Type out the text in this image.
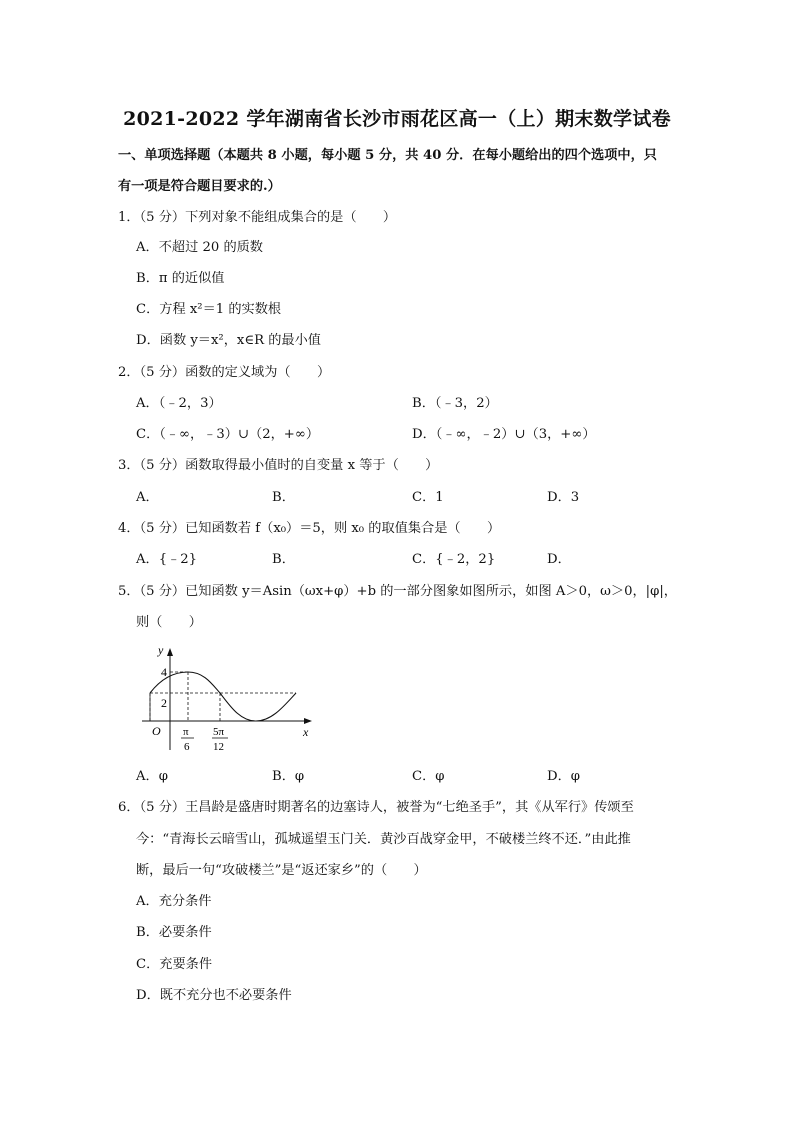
2021-2022 学年湖南省长沙市雨花区高一（上）期末数学试卷
一、单项选择题（本题共 8 小题，每小题 5 分，共 40 分．在每小题给出的四个选项中，只
有一项是符合题目要求的.）
1．（5 分）下列对象不能组成集合的是（　　）
A．不超过 20 的质数
B．π 的近似值
C．方程 x²＝1 的实数根
D．函数 y＝x²，x∈R 的最小值
2．（5 分）函数的定义域为（　　）
A．（﹣2，3）	B．（﹣3，2）
C．（﹣∞，﹣3）∪（2，+∞）	D．（﹣∞，﹣2）∪（3，+∞）
3．（5 分）函数取得最小值时的自变量 x 等于（　　）
A．	B．	C．1	D．3
4．（5 分）已知函数若 f（x₀）＝5，则 x₀ 的取值集合是（　　）
A．{﹣2}	B．	C．{﹣2，2}	D．
5．（5 分）已知函数 y＝Asin（ωx+φ）+b 的一部分图象如图所示，如图 A＞0，ω＞0，|φ|，
则（　　）
y
4
2
O	x
π
6
5π
12
A．φ	B．φ	C．φ	D．φ
6．（5 分）王昌龄是盛唐时期著名的边塞诗人，被誉为“七绝圣手”，其《从军行》传颂至
今：“青海长云暗雪山，孤城遥望玉门关．黄沙百战穿金甲，不破楼兰终不还．”由此推
断，最后一句“攻破楼兰”是“返还家乡”的（　　）
A．充分条件
B．必要条件
C．充要条件
D．既不充分也不必要条件
